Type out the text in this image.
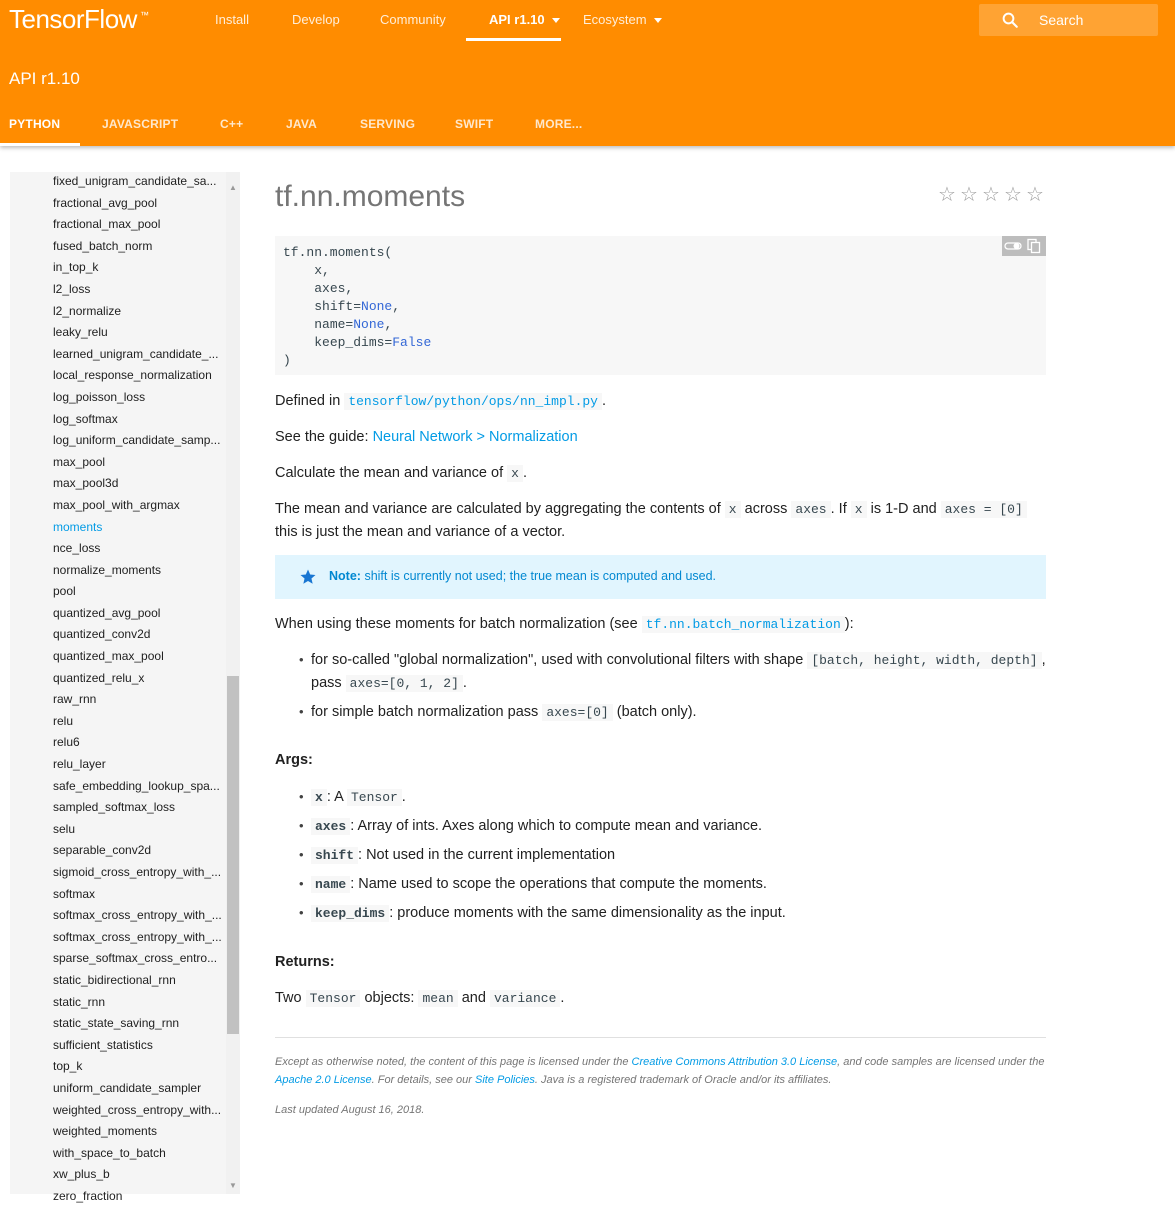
TensorFlow ™	Install	Develop	Community	API r1.10	Ecosystem
Search
API r1.10
PYTHON	JAVASCRIPT	C++	JAVA	SERVING	SWIFT	MORE...
fixed_unigram_candidate_sa...
fractional_avg_pool
fractional_max_pool
fused_batch_norm
in_top_k
l2_loss
l2_normalize
leaky_relu
learned_unigram_candidate_...
local_response_normalization
log_poisson_loss
log_softmax
log_uniform_candidate_samp...
max_pool
max_pool3d
max_pool_with_argmax
moments
nce_loss
normalize_moments
pool
quantized_avg_pool
quantized_conv2d
quantized_max_pool
quantized_relu_x
raw_rnn
relu
relu6
relu_layer
safe_embedding_lookup_spa...
sampled_softmax_loss
selu
separable_conv2d
sigmoid_cross_entropy_with_...
softmax
softmax_cross_entropy_with_...
softmax_cross_entropy_with_...
sparse_softmax_cross_entro...
static_bidirectional_rnn
static_rnn
static_state_saving_rnn
sufficient_statistics
top_k
uniform_candidate_sampler
weighted_cross_entropy_with...
weighted_moments
with_space_to_batch
xw_plus_b
zero_fraction
▲
▼
tf.nn.moments	☆ ☆ ☆ ☆ ☆
tf.nn.moments(
x,
axes,
shift=None,
name=None,
keep_dims=False
)

Defined in tensorflow/python/ops/nn_impl.py .

See the guide: Neural Network > Normalization

Calculate the mean and variance of x .

The mean and variance are calculated by aggregating the contents of x across axes . If x is 1-D and axes = [0] this is just the mean and variance of a vector.

Note: shift is currently not used; the true mean is computed and used.

When using these moments for batch normalization (see tf.nn.batch_normalization ):

• for so-called "global normalization", used with convolutional filters with shape [batch, height, width, depth] , pass axes=[0, 1, 2] .
• for simple batch normalization pass axes=[0] (batch only).
Args:
• x : A Tensor .
• axes : Array of ints. Axes along which to compute mean and variance.
• shift : Not used in the current implementation
• name : Name used to scope the operations that compute the moments.
• keep_dims : produce moments with the same dimensionality as the input.
Returns:

Two Tensor objects: mean and variance .

Except as otherwise noted, the content of this page is licensed under the Creative Commons Attribution 3.0 License, and code samples are licensed under the Apache 2.0 License. For details, see our Site Policies. Java is a registered trademark of Oracle and/or its affiliates.

Last updated August 16, 2018.
